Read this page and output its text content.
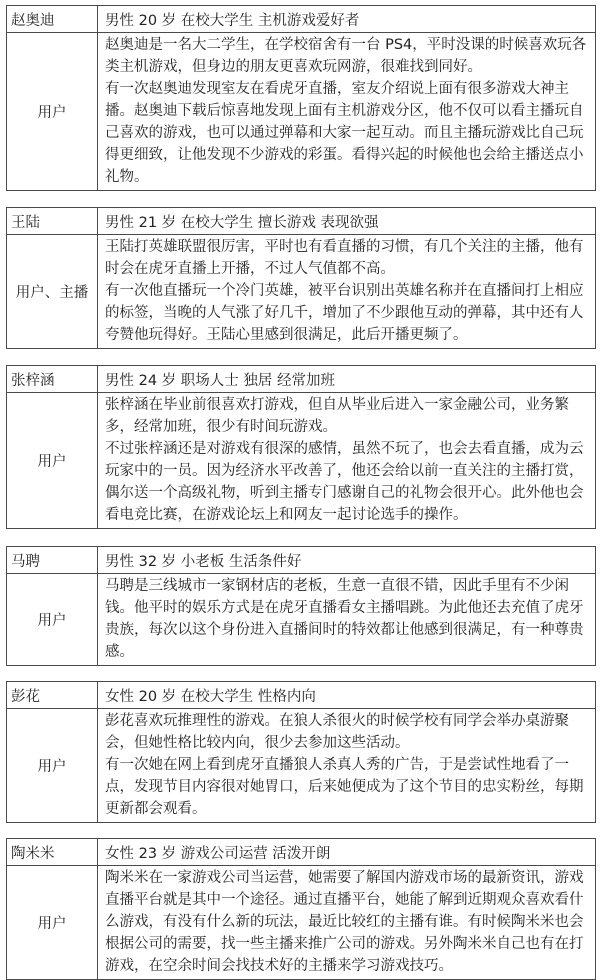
赵奥迪	男性 20 岁 在校大学生 主机游戏爱好者
用户

赵奥迪是一名大二学生，在学校宿舍有一台 PS4，平时没课的时候喜欢玩各类主机游戏，但身边的朋友更喜欢玩网游，很难找到同好。

有一次赵奥迪发现室友在看虎牙直播，室友介绍说上面有很多游戏大神主播。赵奥迪下载后惊喜地发现上面有主机游戏分区，他不仅可以看主播玩自己喜欢的游戏，也可以通过弹幕和大家一起互动。而且主播玩游戏比自己玩得更细致，让他发现不少游戏的彩蛋。看得兴起的时候他也会给主播送点小礼物。

王陆	男性 21 岁 在校大学生 擅长游戏 表现欲强
用户、主播

王陆打英雄联盟很厉害，平时也有看直播的习惯，有几个关注的主播，他有时会在虎牙直播上开播，不过人气值都不高。

有一次他直播玩一个冷门英雄，被平台识别出英雄名称并在直播间打上相应的标签，当晚的人气涨了好几千，增加了不少跟他互动的弹幕，其中还有人夸赞他玩得好。王陆心里感到很满足，此后开播更频了。

张梓涵	男性 24 岁 职场人士 独居 经常加班
用户

张梓涵在毕业前很喜欢打游戏，但自从毕业后进入一家金融公司，业务繁多，经常加班，很少有时间玩游戏。

不过张梓涵还是对游戏有很深的感情，虽然不玩了，也会去看直播，成为云玩家中的一员。因为经济水平改善了，他还会给以前一直关注的主播打赏，偶尔送一个高级礼物，听到主播专门感谢自己的礼物会很开心。此外他也会看电竞比赛，在游戏论坛上和网友一起讨论选手的操作。

马聘	男性 32 岁 小老板 生活条件好
用户

马聘是三线城市一家钢材店的老板，生意一直很不错，因此手里有不少闲钱。他平时的娱乐方式是在虎牙直播看女主播唱跳。为此他还去充值了虎牙贵族，每次以这个身份进入直播间时的特效都让他感到很满足，有一种尊贵感。

彭花	女性 20 岁 在校大学生 性格内向
用户

彭花喜欢玩推理性的游戏。在狼人杀很火的时候学校有同学会举办桌游聚会，但她性格比较内向，很少去参加这些活动。

有一次她在网上看到虎牙直播狼人杀真人秀的广告，于是尝试性地看了一点，发现节目内容很对她胃口，后来她便成为了这个节目的忠实粉丝，每期更新都会观看。

陶米米	女性 23 岁 游戏公司运营 活泼开朗
用户

陶米米在一家游戏公司当运营，她需要了解国内游戏市场的最新资讯，游戏直播平台就是其中一个途径。通过直播平台，她能了解到近期观众喜欢看什么游戏，有没有什么新的玩法，最近比较红的主播有谁。有时候陶米米也会根据公司的需要，找一些主播来推广公司的游戏。另外陶米米自己也有在打游戏，在空余时间会找技术好的主播来学习游戏技巧。
